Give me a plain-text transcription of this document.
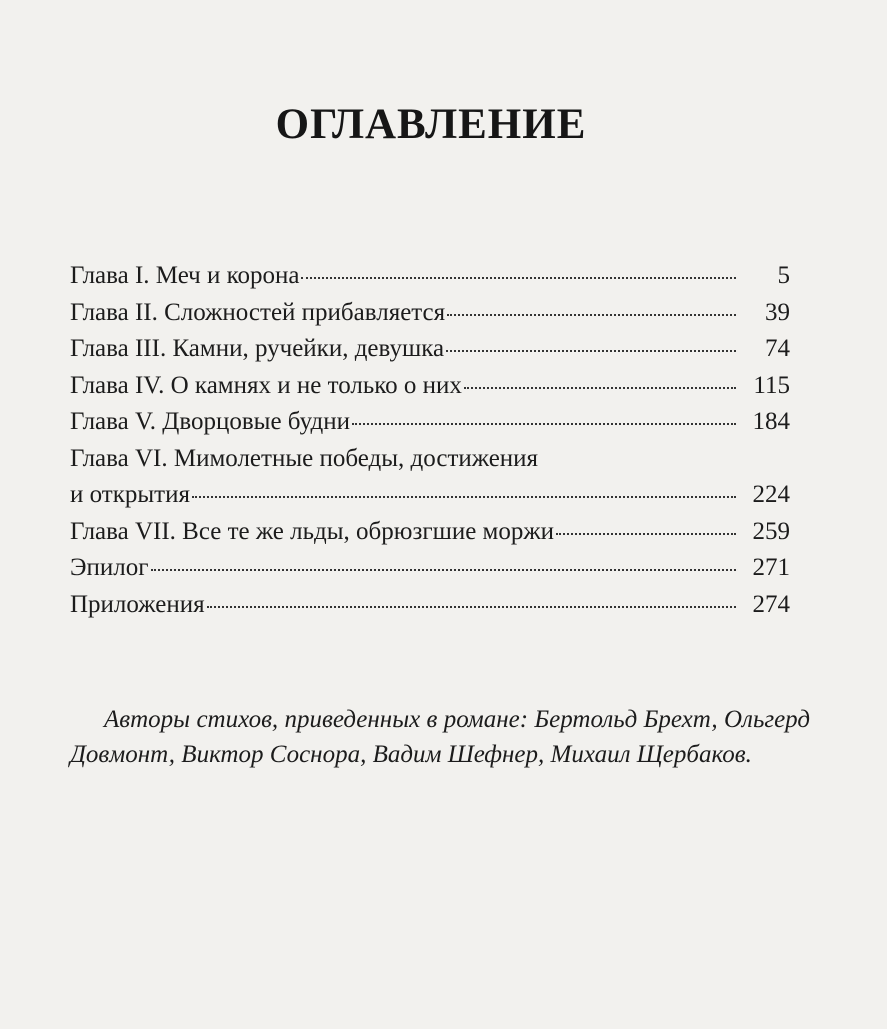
ОГЛАВЛЕНИЕ
Глава I. Меч и корона	5
Глава II. Сложностей прибавляется	39
Глава III. Камни, ручейки, девушка	74
Глава IV. О камнях и не только о них	115
Глава V. Дворцовые будни	184
Глава VI. Мимолетные победы, достижения
и открытия	224
Глава VII. Все те же льды, обрюзгшие моржи	259
Эпилог	271
Приложения	274
Авторы стихов, приведенных в романе: Бертольд Брехт, Ольгерд Довмонт, Виктор Соснора, Вадим Шефнер, Михаил Щербаков.
